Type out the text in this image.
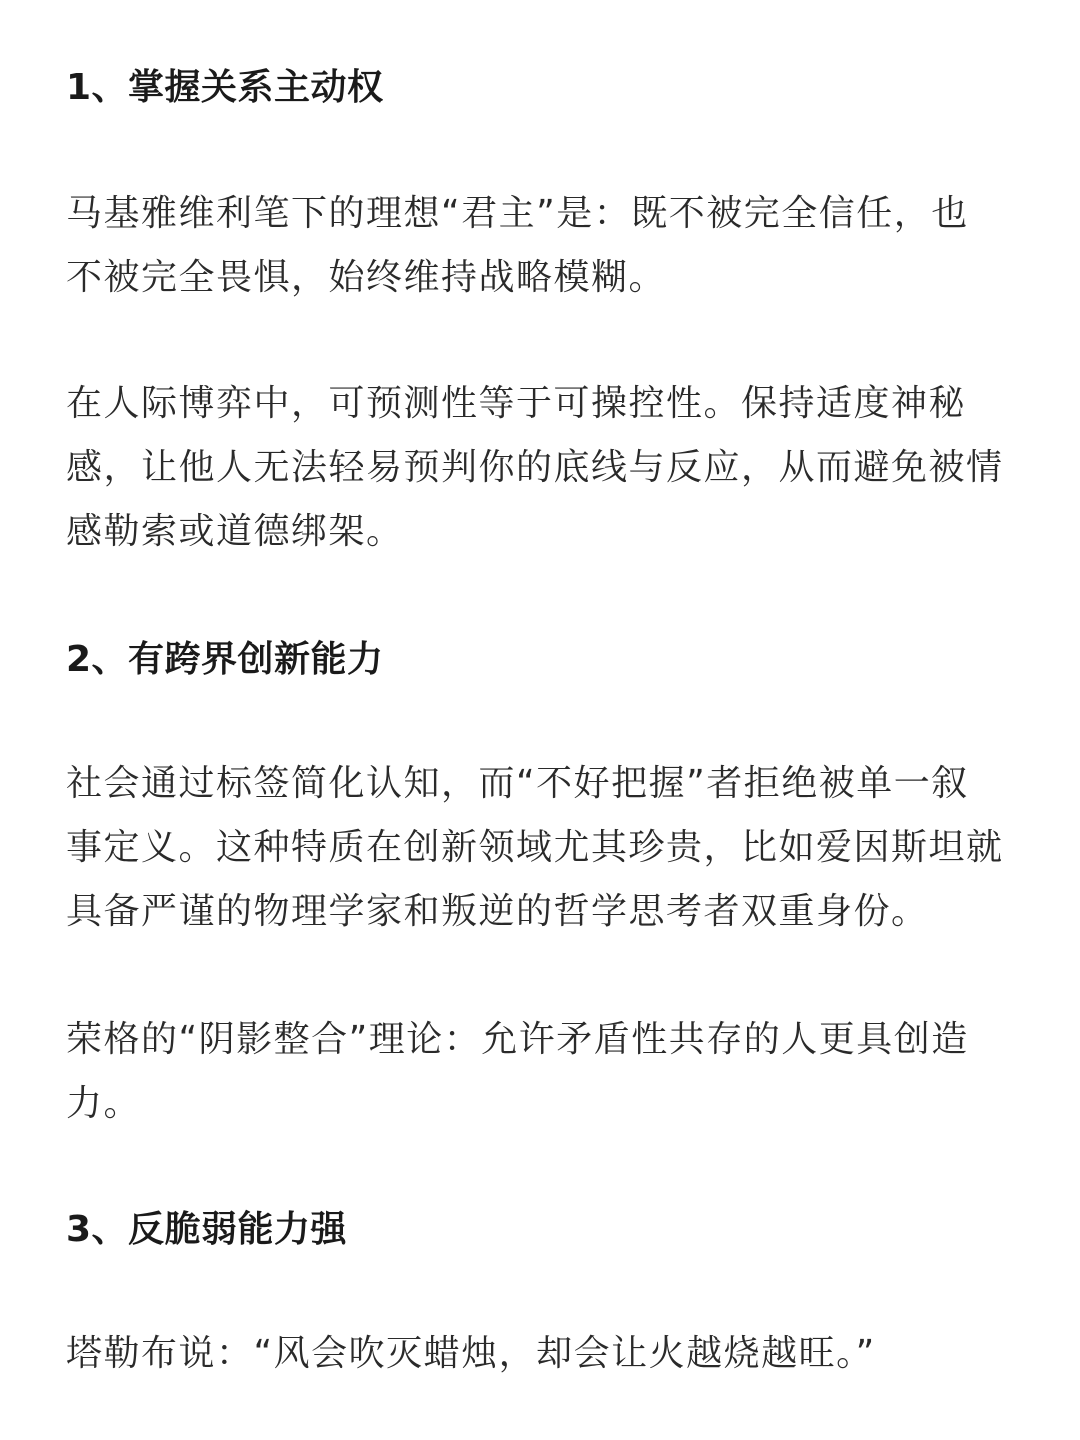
1、掌握关系主动权
马基雅维利笔下的理想“君主”是：既不被完全信任，也
不被完全畏惧，始终维持战略模糊。
在人际博弈中，可预测性等于可操控性。保持适度神秘
感，让他人无法轻易预判你的底线与反应，从而避免被情
感勒索或道德绑架。
2、有跨界创新能力
社会通过标签简化认知，而“不好把握”者拒绝被单一叙
事定义。这种特质在创新领域尤其珍贵，比如爱因斯坦就
具备严谨的物理学家和叛逆的哲学思考者双重身份。
荣格的“阴影整合”理论：允许矛盾性共存的人更具创造
力。
3、反脆弱能力强
塔勒布说：“风会吹灭蜡烛，却会让火越烧越旺。”
